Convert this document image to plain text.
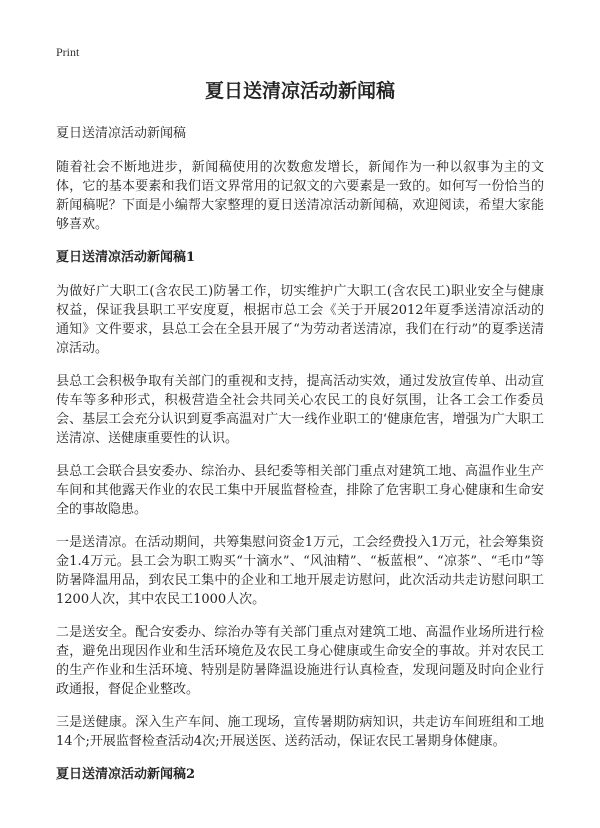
Print
夏日送清凉活动新闻稿
夏日送清凉活动新闻稿

随着社会不断地进步，新闻稿使用的次数愈发增长，新闻作为一种以叙事为主的文体，它的基本要素和我们语文界常用的记叙文的六要素是一致的。如何写一份恰当的新闻稿呢？下面是小编帮大家整理的夏日送清凉活动新闻稿，欢迎阅读，希望大家能够喜欢。

夏日送清凉活动新闻稿1

为做好广大职工(含农民工)防暑工作，切实维护广大职工(含农民工)职业安全与健康权益，保证我县职工平安度夏，根据市总工会《关于开展2012年夏季送清凉活动的通知》文件要求，县总工会在全县开展了“为劳动者送清凉，我们在行动”的夏季送清凉活动。

县总工会积极争取有关部门的重视和支持，提高活动实效，通过发放宣传单、出动宣传车等多种形式，积极营造全社会共同关心农民工的良好氛围，让各工会工作委员会、基层工会充分认识到夏季高温对广大一线作业职工的‘健康危害，增强为广大职工送清凉、送健康重要性的认识。

县总工会联合县安委办、综治办、县纪委等相关部门重点对建筑工地、高温作业生产车间和其他露天作业的农民工集中开展监督检查，排除了危害职工身心健康和生命安全的事故隐患。

一是送清凉。在活动期间，共筹集慰问资金1万元，工会经费投入1万元，社会筹集资金1.4万元。县工会为职工购买“十滴水”、“风油精”、“板蓝根”、“凉茶”、“毛巾”等防暑降温用品，到农民工集中的企业和工地开展走访慰问，此次活动共走访慰问职工1200人次，其中农民工1000人次。

二是送安全。配合安委办、综治办等有关部门重点对建筑工地、高温作业场所进行检查，避免出现因作业和生活环境危及农民工身心健康或生命安全的事故。并对农民工的生产作业和生活环境、特别是防暑降温设施进行认真检查，发现问题及时向企业行政通报，督促企业整改。

三是送健康。深入生产车间、施工现场，宣传暑期防病知识，共走访车间班组和工地14个;开展监督检查活动4次;开展送医、送药活动，保证农民工暑期身体健康。

夏日送清凉活动新闻稿2
